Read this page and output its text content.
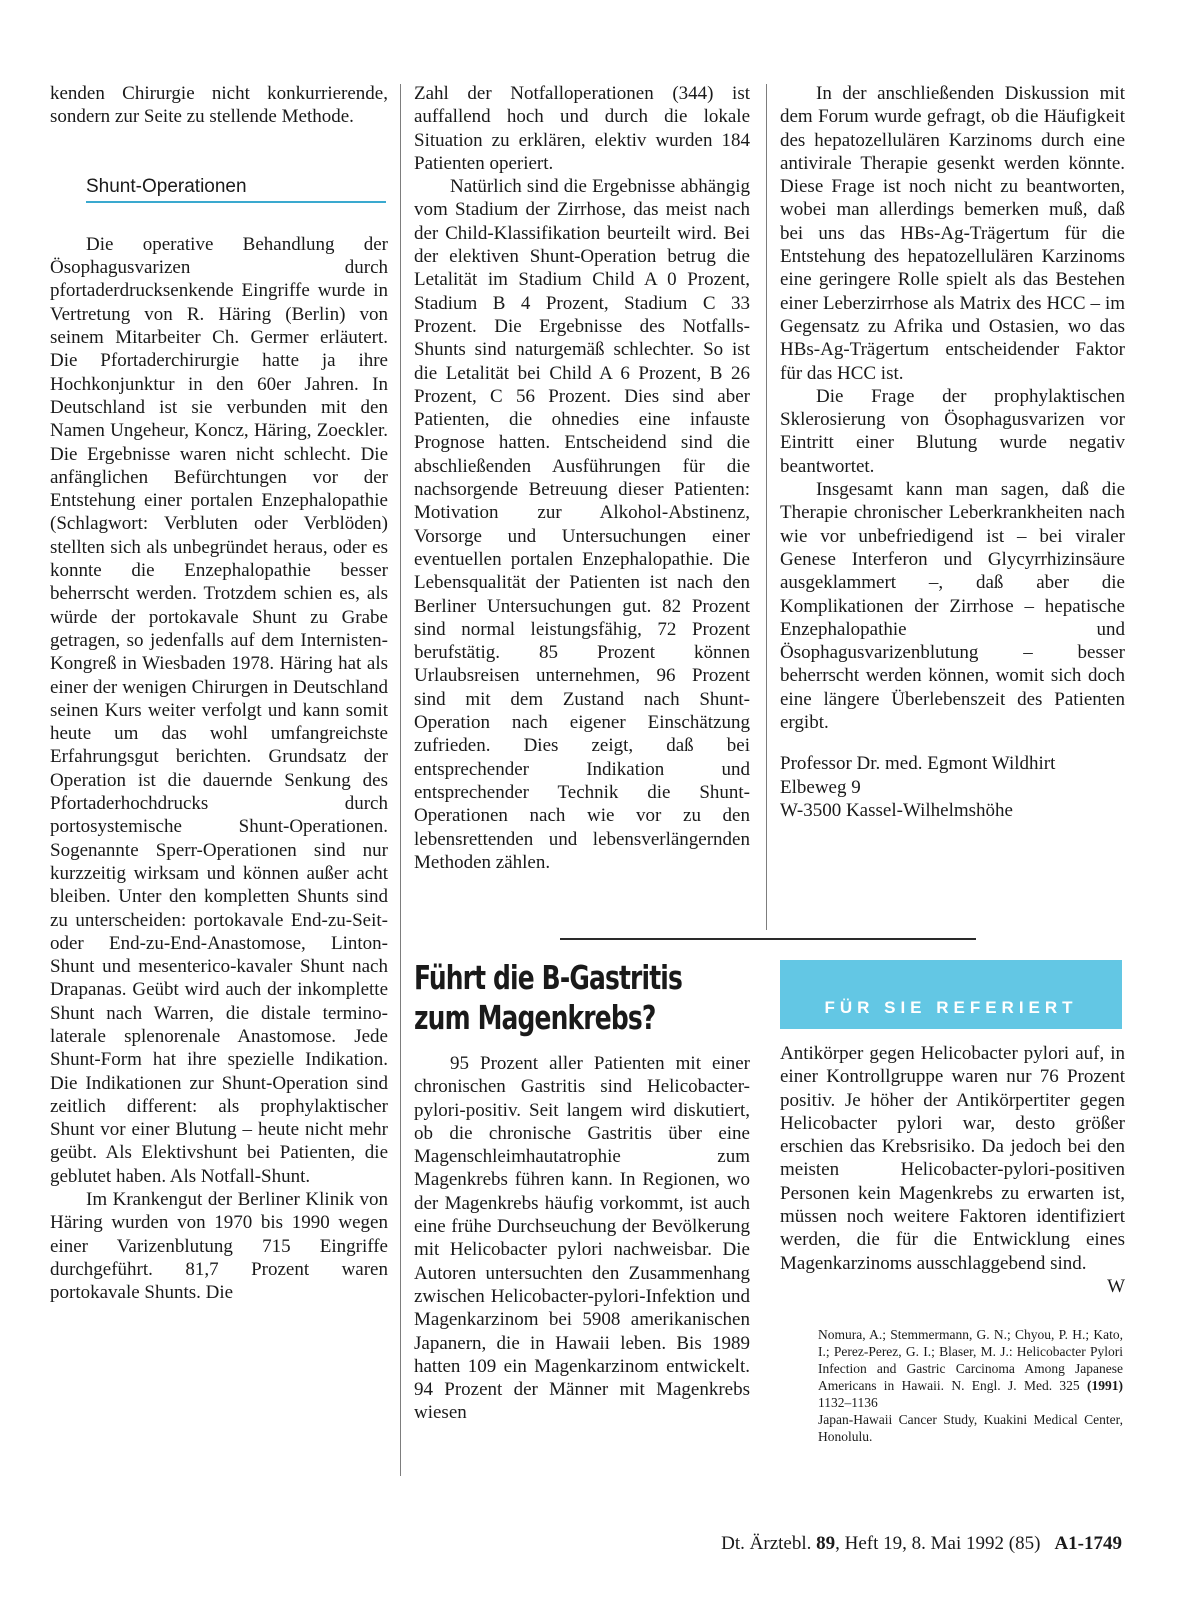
kenden Chirurgie nicht konkurrierende, sondern zur Seite zu stellende Methode.

Shunt-Operationen

Die operative Behandlung der Ösophagusvarizen durch pfortaderdrucksenkende Eingriffe wurde in Vertretung von R. Häring (Berlin) von seinem Mitarbeiter Ch. Germer erläutert. Die Pfortaderchirurgie hatte ja ihre Hochkonjunktur in den 60er Jahren. In Deutschland ist sie verbunden mit den Namen Ungeheur, Koncz, Häring, Zoeckler. Die Ergebnisse waren nicht schlecht. Die anfänglichen Befürchtungen vor der Entstehung einer portalen Enzephalopathie (Schlagwort: Verbluten oder Verblöden) stellten sich als unbegründet heraus, oder es konnte die Enzephalopathie besser beherrscht werden. Trotzdem schien es, als würde der portokavale Shunt zu Grabe getragen, so jedenfalls auf dem Internisten-Kongreß in Wiesbaden 1978. Häring hat als einer der wenigen Chirurgen in Deutschland seinen Kurs weiter verfolgt und kann somit heute um das wohl umfangreichste Erfahrungsgut berichten. Grundsatz der Operation ist die dauernde Senkung des Pfortaderhochdrucks durch portosystemische Shunt-Operationen. Sogenannte Sperr-Operationen sind nur kurzzeitig wirksam und können außer acht bleiben. Unter den kompletten Shunts sind zu unterscheiden: portokavale End-zu-Seit- oder End-zu-End-Anastomose, Linton-Shunt und mesenterico-kavaler Shunt nach Drapanas. Geübt wird auch der inkomplette Shunt nach Warren, die distale termino-laterale splenorenale Anastomose. Jede Shunt-Form hat ihre spezielle Indikation. Die Indikationen zur Shunt-Operation sind zeitlich different: als prophylaktischer Shunt vor einer Blutung – heute nicht mehr geübt. Als Elektivshunt bei Patienten, die geblutet haben. Als Notfall-Shunt.

Im Krankengut der Berliner Klinik von Häring wurden von 1970 bis 1990 wegen einer Varizenblutung 715 Eingriffe durchgeführt. 81,7 Prozent waren portokavale Shunts. Die

Zahl der Notfalloperationen (344) ist auffallend hoch und durch die lokale Situation zu erklären, elektiv wurden 184 Patienten operiert.

Natürlich sind die Ergebnisse abhängig vom Stadium der Zirrhose, das meist nach der Child-Klassifikation beurteilt wird. Bei der elektiven Shunt-Operation betrug die Letalität im Stadium Child A 0 Prozent, Stadium B 4 Prozent, Stadium C 33 Prozent. Die Ergebnisse des Notfalls-Shunts sind naturgemäß schlechter. So ist die Letalität bei Child A 6 Prozent, B 26 Prozent, C 56 Prozent. Dies sind aber Patienten, die ohnedies eine infauste Prognose hatten. Entscheidend sind die abschließenden Ausführungen für die nachsorgende Betreuung dieser Patienten: Motivation zur Alkohol-Abstinenz, Vorsorge und Untersuchungen einer eventuellen portalen Enzephalopathie. Die Lebensqualität der Patienten ist nach den Berliner Untersuchungen gut. 82 Prozent sind normal leistungsfähig, 72 Prozent berufstätig. 85 Prozent können Urlaubsreisen unternehmen, 96 Prozent sind mit dem Zustand nach Shunt-Operation nach eigener Einschätzung zufrieden. Dies zeigt, daß bei entsprechender Indikation und entsprechender Technik die Shunt-Operationen nach wie vor zu den lebensrettenden und lebensverlängernden Methoden zählen.

In der anschließenden Diskussion mit dem Forum wurde gefragt, ob die Häufigkeit des hepatozellulären Karzinoms durch eine antivirale Therapie gesenkt werden könnte. Diese Frage ist noch nicht zu beantworten, wobei man allerdings bemerken muß, daß bei uns das HBs-Ag-Trägertum für die Entstehung des hepatozellulären Karzinoms eine geringere Rolle spielt als das Bestehen einer Leberzirrhose als Matrix des HCC – im Gegensatz zu Afrika und Ostasien, wo das HBs-Ag-Trägertum entscheidender Faktor für das HCC ist.

Die Frage der prophylaktischen Sklerosierung von Ösophagusvarizen vor Eintritt einer Blutung wurde negativ beantwortet.

Insgesamt kann man sagen, daß die Therapie chronischer Leberkrankheiten nach wie vor unbefriedigend ist – bei viraler Genese Interferon und Glycyrrhizinsäure ausgeklammert –, daß aber die Komplikationen der Zirrhose – hepatische Enzephalopathie und Ösophagusvarizenblutung – besser beherrscht werden können, womit sich doch eine längere Überlebenszeit des Patienten ergibt.

Professor Dr. med. Egmont Wildhirt

Elbeweg 9

W-3500 Kassel-Wilhelmshöhe

Führt die B-Gastritis
zum Magenkrebs?	FÜR SIE REFERIERT

95 Prozent aller Patienten mit einer chronischen Gastritis sind Helicobacter-pylori-positiv. Seit langem wird diskutiert, ob die chronische Gastritis über eine Magenschleimhautatrophie zum Magenkrebs führen kann. In Regionen, wo der Magenkrebs häufig vorkommt, ist auch eine frühe Durchseuchung der Bevölkerung mit Helicobacter pylori nachweisbar. Die Autoren untersuchten den Zusammenhang zwischen Helicobacter-pylori-Infektion und Magenkarzinom bei 5908 amerikanischen Japanern, die in Hawaii leben. Bis 1989 hatten 109 ein Magenkarzinom entwickelt. 94 Prozent der Männer mit Magenkrebs wiesen

Antikörper gegen Helicobacter pylori auf, in einer Kontrollgruppe waren nur 76 Prozent positiv. Je höher der Antikörpertiter gegen Helicobacter pylori war, desto größer erschien das Krebsrisiko. Da jedoch bei den meisten Helicobacter-pylori-positiven Personen kein Magenkrebs zu erwarten ist, müssen noch weitere Faktoren identifiziert werden, die für die Entwicklung eines Magenkarzinoms ausschlaggebend sind.

W

Nomura, A.; Stemmermann, G. N.; Chyou, P. H.; Kato, I.; Perez-Perez, G. I.; Blaser, M. J.: Helicobacter Pylori Infection and Gastric Carcinoma Among Japanese Americans in Hawaii. N. Engl. J. Med. 325 (1991) 1132–1136

Japan-Hawaii Cancer Study, Kuakini Medical Center, Honolulu.

Dt. Ärztebl. 89, Heft 19, 8. Mai 1992 (85) A1-1749
